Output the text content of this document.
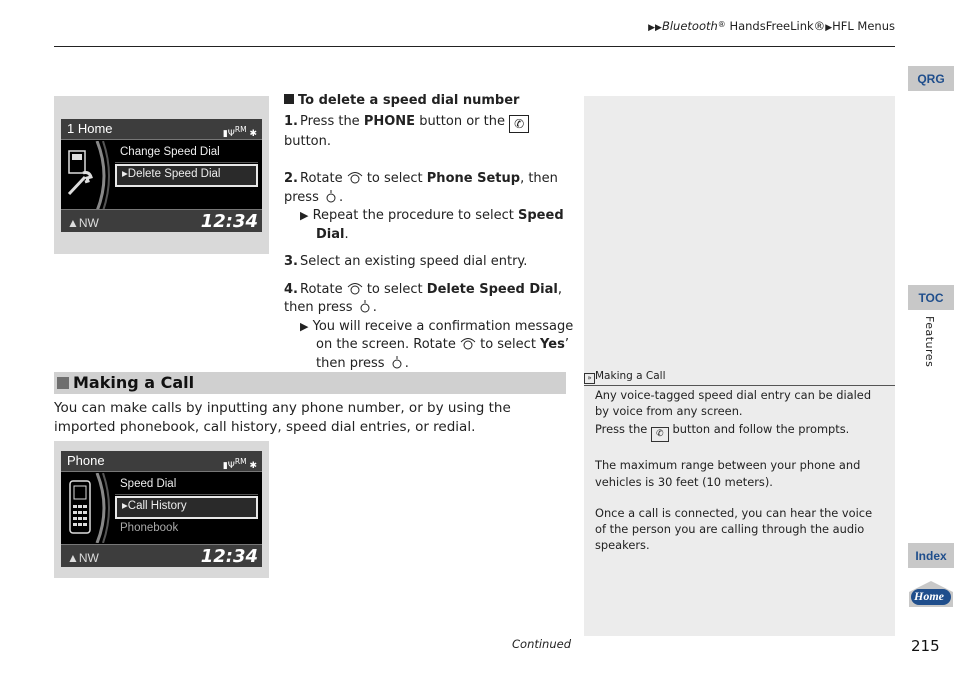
▶▶Bluetooth® HandsFreeLink®▶HFL Menus
QRG
TOC
Features
Index
Home
1 Home	$▮\Psi^{RM}$ ✱
Change Speed Dial
▸Delete Speed Dial
▲NW	12:34

To delete a speed dial number

1. Press the PHONE button or the ✆ button.

2. Rotate  to select Phone Setup, then press .

▶ Repeat the procedure to select Speed Dial.

3. Select an existing speed dial entry.

4. Rotate  to select Delete Speed Dial, then press .

▶ You will receive a confirmation message on the screen. Rotate  to select Yes’ then press .

Making a Call
You can make calls by inputting any phone number, or by using the imported phonebook, call history, speed dial entries, or redial.
Phone	$▮\Psi^{RM}$ ✱
Speed Dial
▸Call History
Phonebook
▲NW	12:34
» Making a Call

Any voice-tagged speed dial entry can be dialed by voice from any screen.

Press the ✆ button and follow the prompts.

The maximum range between your phone and vehicles is 30 feet (10 meters).

Once a call is connected, you can hear the voice of the person you are calling through the audio speakers.

Continued	215
